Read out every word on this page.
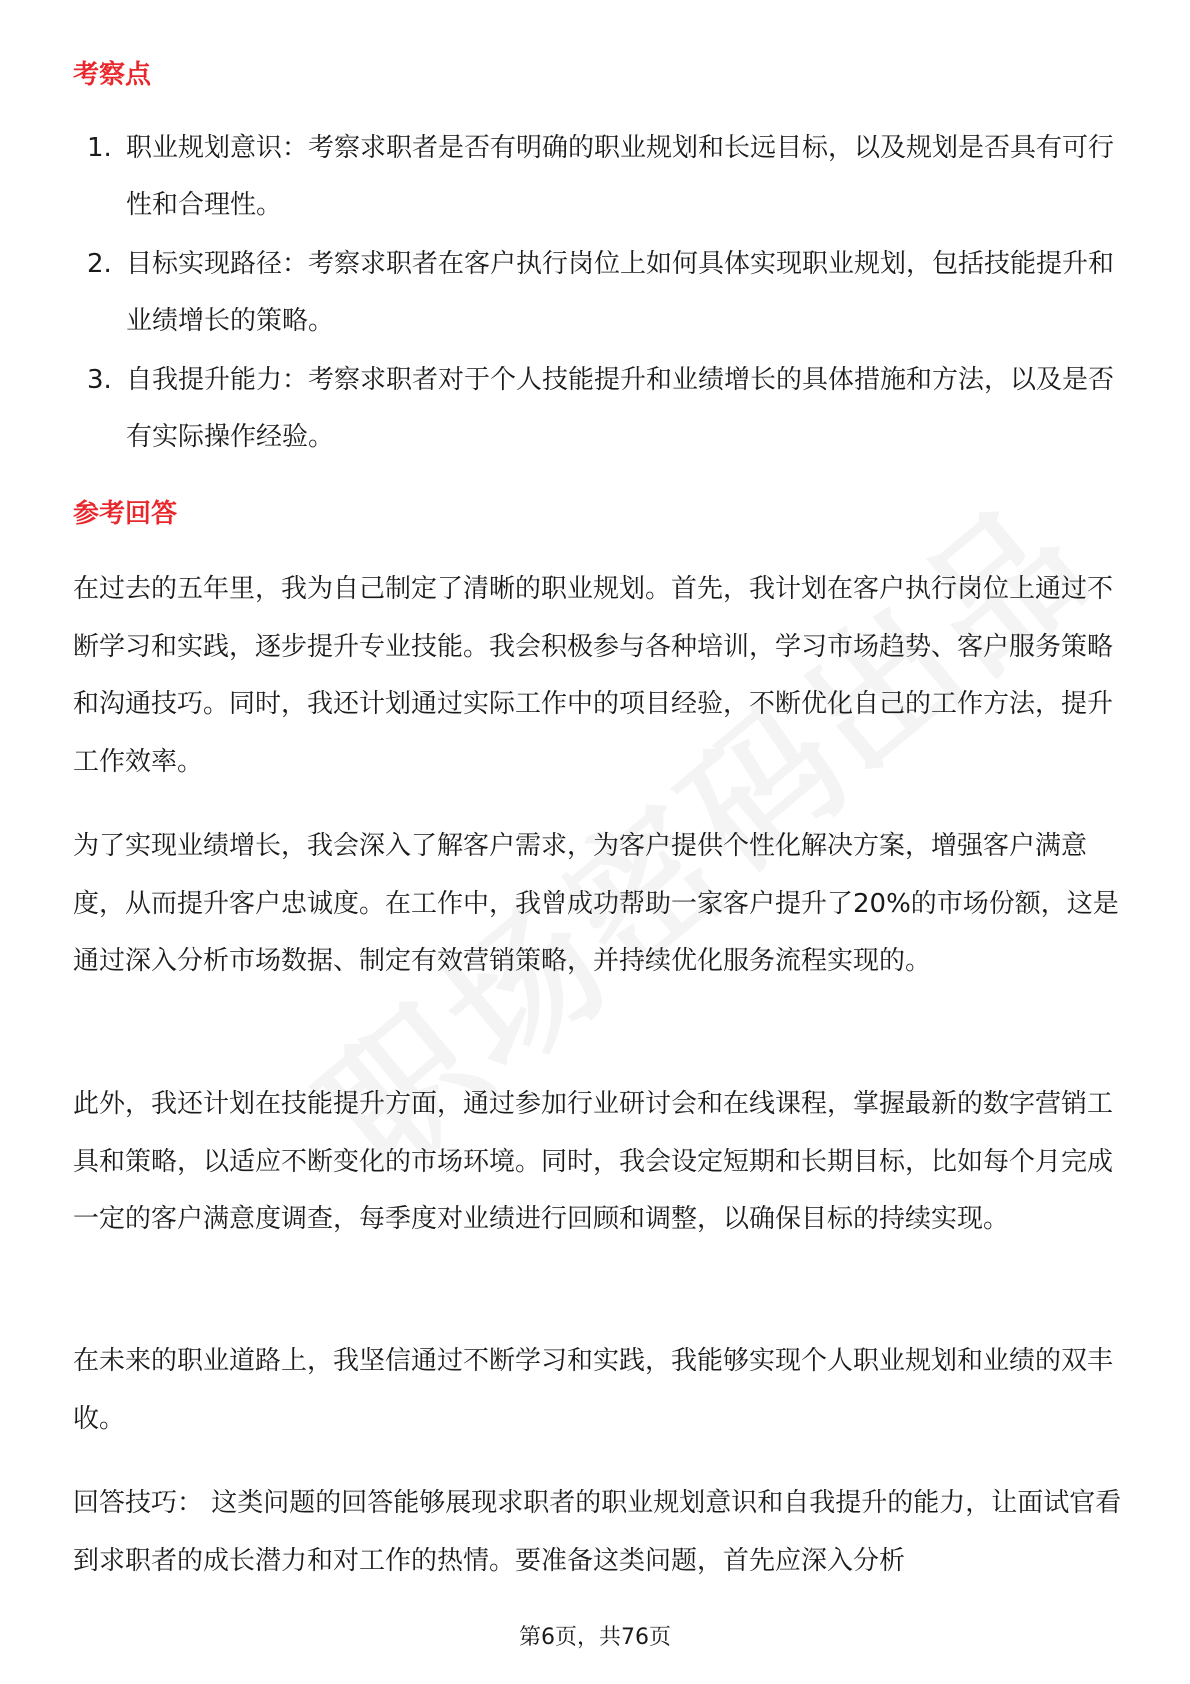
考察点
1. 职业规划意识：考察求职者是否有明确的职业规划和长远目标，以及规划是否具有可行性和合理性。
2. 目标实现路径：考察求职者在客户执行岗位上如何具体实现职业规划，包括技能提升和业绩增长的策略。
3. 自我提升能力：考察求职者对于个人技能提升和业绩增长的具体措施和方法，以及是否有实际操作经验。
参考回答

在过去的五年里，我为自己制定了清晰的职业规划。首先，我计划在客户执行岗位上通过不断学习和实践，逐步提升专业技能。我会积极参与各种培训，学习市场趋势、客户服务策略和沟通技巧。同时，我还计划通过实际工作中的项目经验，不断优化自己的工作方法，提升工作效率。

为了实现业绩增长，我会深入了解客户需求，为客户提供个性化解决方案，增强客户满意度，从而提升客户忠诚度。在工作中，我曾成功帮助一家客户提升了20%的市场份额，这是通过深入分析市场数据、制定有效营销策略，并持续优化服务流程实现的。

此外，我还计划在技能提升方面，通过参加行业研讨会和在线课程，掌握最新的数字营销工具和策略，以适应不断变化的市场环境。同时，我会设定短期和长期目标，比如每个月完成一定的客户满意度调查，每季度对业绩进行回顾和调整，以确保目标的持续实现。

在未来的职业道路上，我坚信通过不断学习和实践，我能够实现个人职业规划和业绩的双丰收。

回答技巧： 这类问题的回答能够展现求职者的职业规划意识和自我提升的能力，让面试官看到求职者的成长潜力和对工作的热情。要准备这类问题，首先应深入分析

第6页，共76页
